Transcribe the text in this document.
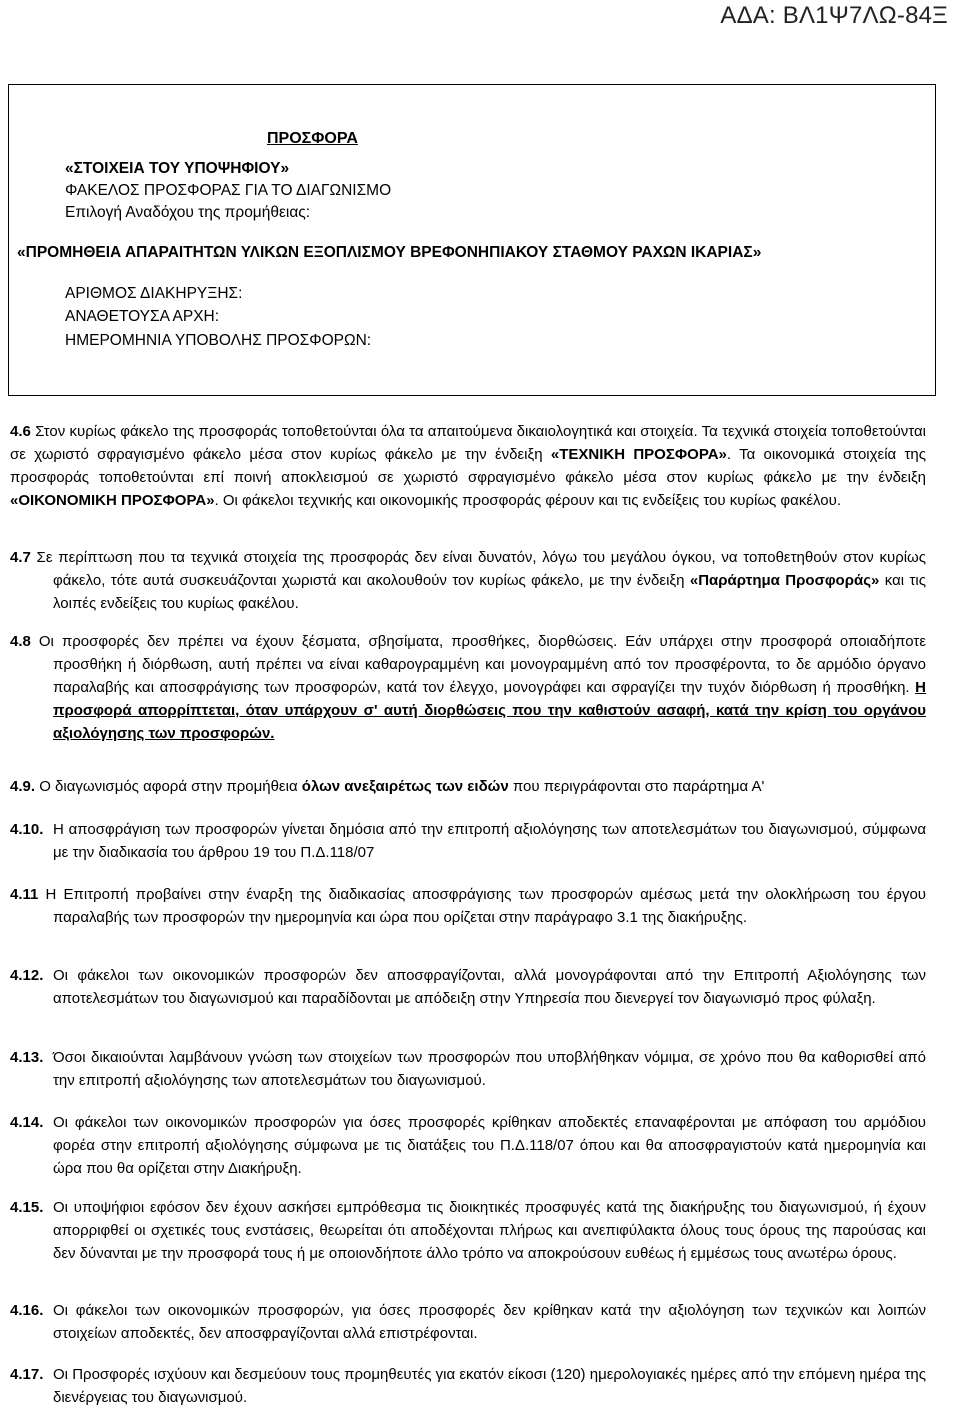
ΑΔΑ: ΒΛ1Ψ7ΛΩ-84Ξ
ΠΡΟΣΦΟΡΑ
«ΣΤΟΙΧΕΙΑ ΤΟΥ ΥΠΟΨΗΦΙΟΥ»
ΦΑΚΕΛΟΣ ΠΡΟΣΦΟΡΑΣ ΓΙΑ ΤΟ ΔΙΑΓΩΝΙΣΜΟ
Επιλογή Αναδόχου της προμήθειας:
«ΠΡΟΜΗΘΕΙΑ ΑΠΑΡΑΙΤΗΤΩΝ ΥΛΙΚΩΝ ΕΞΟΠΛΙΣΜΟΥ ΒΡΕΦΟΝΗΠΙΑΚΟΥ ΣΤΑΘΜΟΥ ΡΑΧΩΝ ΙΚΑΡΙΑΣ»
ΑΡΙΘΜΟΣ ΔΙΑΚΗΡΥΞΗΣ:
ΑΝΑΘΕΤΟΥΣΑ ΑΡΧΗ:
ΗΜΕΡΟΜΗΝΙΑ ΥΠΟΒΟΛΗΣ ΠΡΟΣΦΟΡΩΝ:
4.6 Στον κυρίως φάκελο της προσφοράς τοποθετούνται όλα τα απαιτούμενα δικαιολογητικά και στοιχεία. Τα τεχνικά στοιχεία τοποθετούνται σε χωριστό σφραγισμένο φάκελο μέσα στον κυρίως φάκελο με την ένδειξη «ΤΕΧΝΙΚΗ ΠΡΟΣΦΟΡΑ». Τα οικονομικά στοιχεία της προσφοράς τοποθετούνται επί ποινή αποκλεισμού σε χωριστό σφραγισμένο φάκελο μέσα στον κυρίως φάκελο με την ένδειξη «ΟΙΚΟΝΟΜΙΚΗ ΠΡΟΣΦΟΡΑ». Οι φάκελοι τεχνικής και οικονομικής προσφοράς φέρουν και τις ενδείξεις του κυρίως φακέλου.
4.7 Σε περίπτωση που τα τεχνικά στοιχεία της προσφοράς δεν είναι δυνατόν, λόγω του μεγάλου όγκου, να τοποθετηθούν στον κυρίως φάκελο, τότε αυτά συσκευάζονται χωριστά και ακολουθούν τον κυρίως φάκελο, με την ένδειξη «Παράρτημα Προσφοράς» και τις λοιπές ενδείξεις του κυρίως φακέλου.
4.8 Οι προσφορές δεν πρέπει να έχουν ξέσματα, σβησίματα, προσθήκες, διορθώσεις. Εάν υπάρχει στην προσφορά οποιαδήποτε προσθήκη ή διόρθωση, αυτή πρέπει να είναι καθαρογραμμένη και μονογραμμένη από τον προσφέροντα, το δε αρμόδιο όργανο παραλαβής και αποσφράγισης των προσφορών, κατά τον έλεγχο, μονογράφει και σφραγίζει την τυχόν διόρθωση ή προσθήκη. Η προσφορά απορρίπτεται, όταν υπάρχουν σ' αυτή διορθώσεις που την καθιστούν ασαφή, κατά την κρίση του οργάνου αξιολόγησης των προσφορών.
4.9. Ο διαγωνισμός αφορά στην προμήθεια όλων ανεξαιρέτως των ειδών που περιγράφονται στο παράρτημα Α'
4.10. Η αποσφράγιση των προσφορών γίνεται δημόσια από την επιτροπή αξιολόγησης των αποτελεσμάτων του διαγωνισμού, σύμφωνα με την διαδικασία του άρθρου 19 του Π.Δ.118/07
4.11 Η Επιτροπή προβαίνει στην έναρξη της διαδικασίας αποσφράγισης των προσφορών αμέσως μετά την ολοκλήρωση του έργου παραλαβής των προσφορών την ημερομηνία και ώρα που ορίζεται στην παράγραφο 3.1 της διακήρυξης.
4.12. Οι φάκελοι των οικονομικών προσφορών δεν αποσφραγίζονται, αλλά μονογράφονται από την Επιτροπή Αξιολόγησης των αποτελεσμάτων του διαγωνισμού και παραδίδονται με απόδειξη στην Υπηρεσία που διενεργεί τον διαγωνισμό προς φύλαξη.
4.13. Όσοι δικαιούνται λαμβάνουν γνώση των στοιχείων των προσφορών που υποβλήθηκαν νόμιμα, σε χρόνο που θα καθορισθεί από την επιτροπή αξιολόγησης των αποτελεσμάτων του διαγωνισμού.
4.14. Οι φάκελοι των οικονομικών προσφορών για όσες προσφορές κρίθηκαν αποδεκτές επαναφέρονται με απόφαση του αρμόδιου φορέα στην επιτροπή αξιολόγησης σύμφωνα με τις διατάξεις του Π.Δ.118/07 όπου και θα αποσφραγιστούν κατά ημερομηνία και ώρα που θα ορίζεται στην Διακήρυξη.
4.15. Οι υποψήφιοι εφόσον δεν έχουν ασκήσει εμπρόθεσμα τις διοικητικές προσφυγές κατά της διακήρυξης του διαγωνισμού, ή έχουν απορριφθεί οι σχετικές τους ενστάσεις, θεωρείται ότι αποδέχονται πλήρως και ανεπιφύλακτα όλους τους όρους της παρούσας και δεν δύνανται με την προσφορά τους ή με οποιονδήποτε άλλο τρόπο να αποκρούσουν ευθέως ή εμμέσως τους ανωτέρω όρους.
4.16. Οι φάκελοι των οικονομικών προσφορών, για όσες προσφορές δεν κρίθηκαν κατά την αξιολόγηση των τεχνικών και λοιπών στοιχείων αποδεκτές, δεν αποσφραγίζονται αλλά επιστρέφονται.
4.17. Οι Προσφορές ισχύουν και δεσμεύουν τους προμηθευτές για εκατόν είκοσι (120) ημερολογιακές ημέρες από την επόμενη ημέρα της διενέργειας του διαγωνισμού.
